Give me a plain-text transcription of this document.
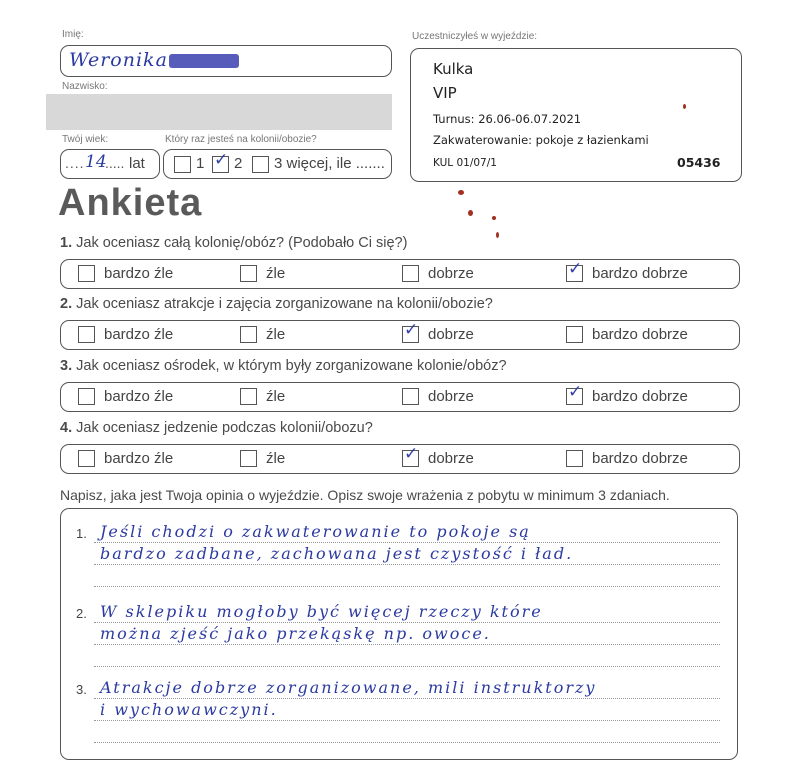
Imię:
Weronika
Nazwisko:
Twój wiek:
.... 14
..... lat
Który raz jesteś na kolonii/obozie?
1 ✓ 2 3 więcej, ile .......
Uczestniczyłeś w wyjeździe:
Kulka
VIP
Turnus: 26.06-06.07.2021
Zakwaterowanie: pokoje z łazienkami
KUL 01/07/1	05436
Ankieta
1. Jak oceniasz całą kolonię/obóz? (Podobało Ci się?)
bardzo źle	źle	dobrze	✓ bardzo dobrze
2. Jak oceniasz atrakcje i zajęcia zorganizowane na kolonii/obozie?
bardzo źle	źle	✓ dobrze	bardzo dobrze
3. Jak oceniasz ośrodek, w którym były zorganizowane kolonie/obóz?
bardzo źle	źle	dobrze	✓ bardzo dobrze
4. Jak oceniasz jedzenie podczas kolonii/obozu?
bardzo źle	źle	✓ dobrze	bardzo dobrze
Napisz, jaka jest Twoja opinia o wyjeździe. Opisz swoje wrażenia z pobytu w minimum 3 zdaniach.
1. Jeśli chodzi o zakwaterowanie to pokoje są
bardzo zadbane, zachowana jest czystość i ład.
2. W sklepiku mogłoby być więcej rzeczy które
można zjeść jako przekąskę np. owoce.
3. Atrakcje dobrze zorganizowane, mili instruktorzy
i wychowawczyni.
